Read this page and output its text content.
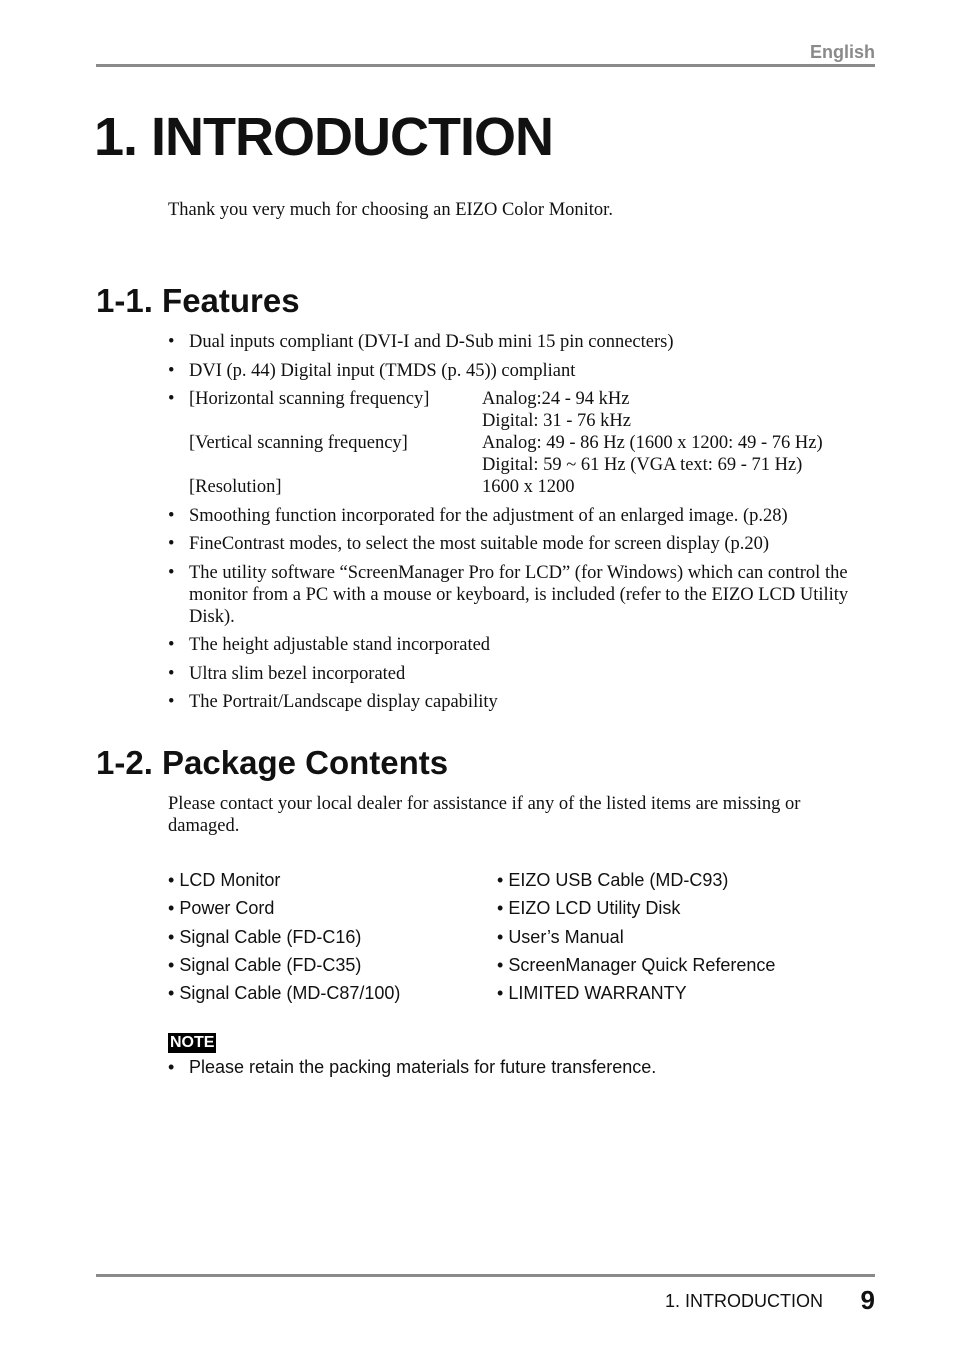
English
1. INTRODUCTION

Thank you very much for choosing an EIZO Color Monitor.

1-1. Features
• Dual inputs compliant (DVI-I and D-Sub mini 15 pin connecters)
• DVI (p. 44) Digital input (TMDS (p. 45)) compliant
• [Horizontal scanning frequency]	Analog:24 - 94 kHz
	Digital: 31 - 76 kHz
[Vertical scanning frequency]	Analog: 49 - 86 Hz (1600 x 1200: 49 - 76 Hz)
	Digital: 59 ~ 61 Hz (VGA text: 69 - 71 Hz)
[Resolution]	1600 x 1200
• Smoothing function incorporated for the adjustment of an enlarged image. (p.28)
• FineContrast modes, to select the most suitable mode for screen display (p.20)
• The utility software “ScreenManager Pro for LCD” (for Windows) which can control the monitor from a PC with a mouse or keyboard, is included (refer to the EIZO LCD Utility Disk).
• The height adjustable stand incorporated
• Ultra slim bezel incorporated
• The Portrait/Landscape display capability
1-2. Package Contents

Please contact your local dealer for assistance if any of the listed items are missing or damaged.

• LCD Monitor
• Power Cord
• Signal Cable (FD-C16)
• Signal Cable (FD-C35)
• Signal Cable (MD-C87/100)
• EIZO USB Cable (MD-C93)
• EIZO LCD Utility Disk
• User’s Manual
• ScreenManager Quick Reference
• LIMITED WARRANTY
NOTE
• Please retain the packing materials for future transference.
1. INTRODUCTION 9
